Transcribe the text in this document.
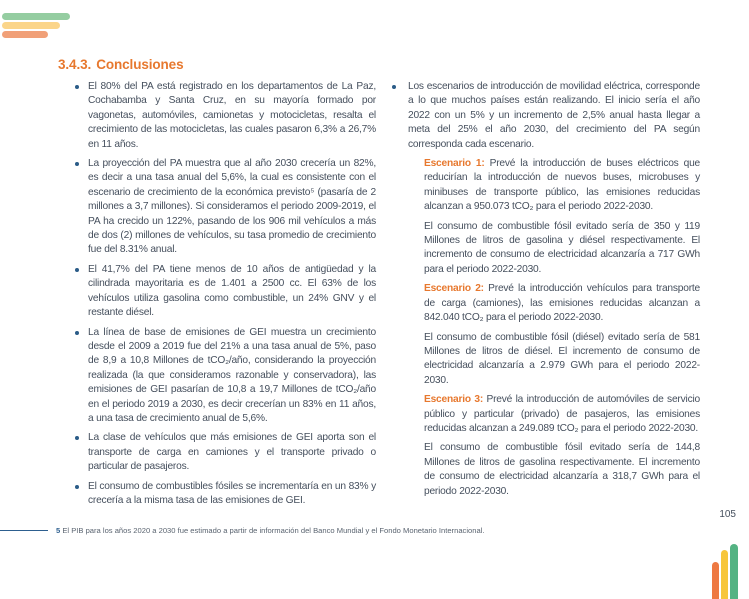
3.4.3. Conclusiones
El 80% del PA está registrado en los departamentos de La Paz, Cochabamba y Santa Cruz, en su mayoría formado por vagonetas, automóviles, camionetas y motocicletas, resalta el crecimiento de las motocicletas, las cuales pasaron 6,3% a 26,7% en 11 años.
La proyección del PA muestra que al año 2030 crecería un 82%, es decir a una tasa anual del 5,6%, la cual es consistente con el escenario de crecimiento de la económica previsto⁵ (pasaría de 2 millones a 3,7 millones). Si consideramos el periodo 2009-2019, el PA ha crecido un 122%, pasando de los 906 mil vehículos a más de dos (2) millones de vehículos, su tasa promedio de crecimiento fue del 8.31% anual.
El 41,7% del PA tiene menos de 10 años de antigüedad y la cilindrada mayoritaria es de 1.401 a 2500 cc. El 63% de los vehículos utiliza gasolina como combustible, un 24% GNV y el restante diésel.
La línea de base de emisiones de GEI muestra un crecimiento desde el 2009 a 2019 fue del 21% a una tasa anual de 5%, paso de 8,9 a 10,8 Millones de tCO₂/año, considerando la proyección realizada (la que consideramos razonable y conservadora), las emisiones de GEI pasarían de 10,8 a 19,7 Millones de tCO₂/año en el periodo 2019 a 2030, es decir crecerían un 83% en 11 años, a una tasa de crecimiento anual de 5,6%.
La clase de vehículos que más emisiones de GEI aporta son el transporte de carga en camiones y el transporte privado o particular de pasajeros.
El consumo de combustibles fósiles se incrementaría en un 83% y crecería a la misma tasa de las emisiones de GEI.
Los escenarios de introducción de movilidad eléctrica, corresponde a lo que muchos países están realizando. El inicio sería el año 2022 con un 5% y un incremento de 2,5% anual hasta llegar a meta del 25% el año 2030, del crecimiento del PA según corresponda cada escenario.

Escenario 1: Prevé la introducción de buses eléctricos que reducirían la introducción de nuevos buses, microbuses y minibuses de transporte público, las emisiones reducidas alcanzan a 950.073 tCO₂ para el periodo 2022-2030.

El consumo de combustible fósil evitado sería de 350 y 119 Millones de litros de gasolina y diésel respectivamente. El incremento de consumo de electricidad alcanzaría a 717 GWh para el periodo 2022-2030.

Escenario 2: Prevé la introducción vehículos para transporte de carga (camiones), las emisiones reducidas alcanzan a 842.040 tCO₂ para el periodo 2022-2030.

El consumo de combustible fósil (diésel) evitado sería de 581 Millones de litros de diésel. El incremento de consumo de electricidad alcanzaría a 2.979 GWh para el periodo 2022-2030.

Escenario 3: Prevé la introducción de automóviles de servicio público y particular (privado) de pasajeros, las emisiones reducidas alcanzan a 249.089 tCO₂ para el periodo 2022-2030.

El consumo de combustible fósil evitado sería de 144,8 Millones de litros de gasolina respectivamente. El incremento de consumo de electricidad alcanzaría a 318,7 GWh para el periodo 2022-2030.

5 El PIB para los años 2020 a 2030 fue estimado a partir de información del Banco Mundial y el Fondo Monetario Internacional.
105
